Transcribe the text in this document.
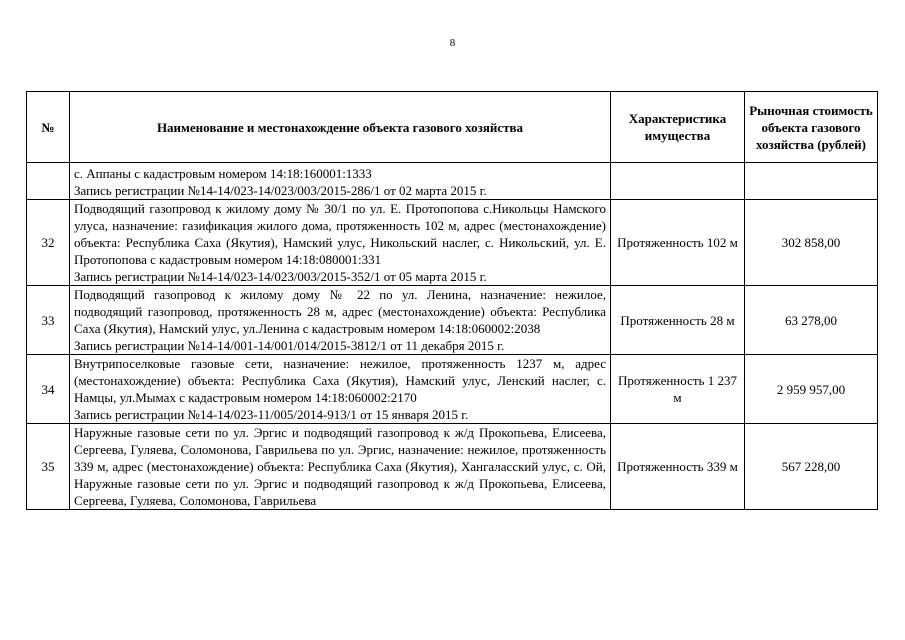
8
№	Наименование и местонахождение объекта газового хозяйства	Характеристика имущества	Рыночная стоимость объекта газового хозяйства (рублей)

	с. Аппаны с кадастровым номером 14:18:160001:1333
Запись регистрации №14-14/023-14/023/003/2015-286/1 от 02 марта 2015 г.		

32	Подводящий газопровод к жилому дому № 30/1 по ул. Е. Протопопова с.Никольцы Намского улуса, назначение: газификация жилого дома, протяженность 102 м, адрес (местонахождение) объекта: Республика Саха (Якутия), Намский улус, Никольский наслег, с. Никольский, ул. Е. Протопопова с кадастровым номером 14:18:080001:331
Запись регистрации №14-14/023-14/023/003/2015-352/1 от 05 марта 2015 г.	Протяженность 102 м	302 858,00
33	Подводящий газопровод к жилому дому № 22 по ул. Ленина, назначение: нежилое, подводящий газопровод, протяженность 28 м, адрес (местонахождение) объекта: Республика Саха (Якутия), Намский улус, ул.Ленина с кадастровым номером 14:18:060002:2038
Запись регистрации №14-14/001-14/001/014/2015-3812/1 от 11 декабря 2015 г.	Протяженность 28 м	63 278,00
34	Внутрипоселковые газовые сети, назначение: нежилое, протяженность 1237 м, адрес (местонахождение) объекта: Республика Саха (Якутия), Намский улус, Ленский наслег, с. Намцы, ул.Мымах с кадастровым номером 14:18:060002:2170
Запись регистрации №14-14/023-11/005/2014-913/1 от 15 января 2015 г.	Протяженность 1 237 м	2 959 957,00
35	Наружные газовые сети по ул. Эргис и подводящий газопровод к ж/д Прокопьева, Елисеева, Сергеева, Гуляева, Соломонова, Гаврильева по ул. Эргис, назначение: нежилое, протяженность 339 м, адрес (местонахождение) объекта: Республика Саха (Якутия), Хангаласский улус, с. Ой, Наружные газовые сети по ул. Эргис и подводящий газопровод к ж/д Прокопьева, Елисеева, Сергеева, Гуляева, Соломонова, Гаврильева	Протяженность 339 м	567 228,00
